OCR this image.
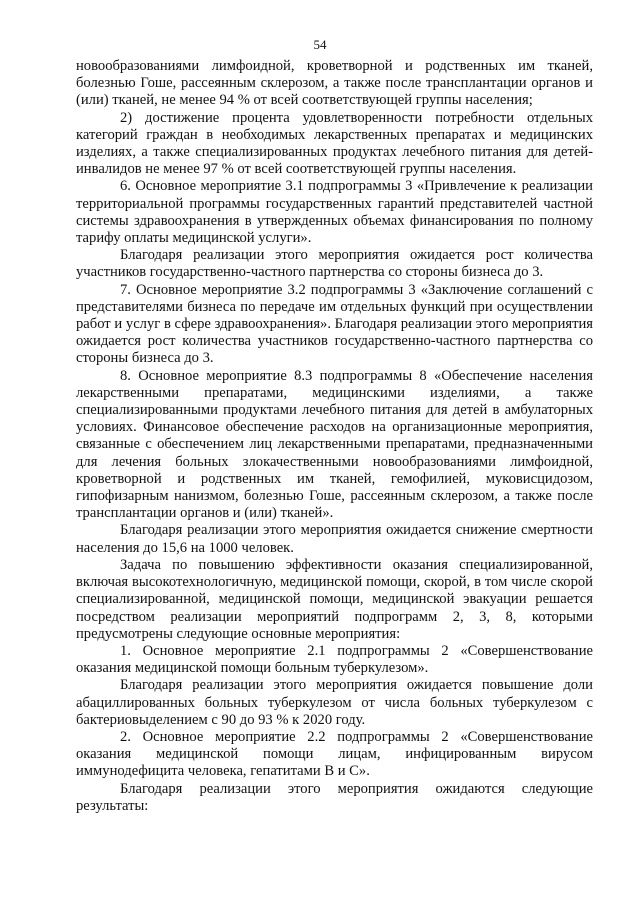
54

новообразованиями лимфоидной, кроветворной и родственных им тканей, болезнью Гоше, рассеянным склерозом, а также после трансплантации органов и (или) тканей, не менее 94 % от всей соответствующей группы населения;

2) достижение процента удовлетворенности потребности отдельных категорий граждан в необходимых лекарственных препаратах и медицинских изделиях, а также специализированных продуктах лечебного питания для детей-инвалидов не менее 97 % от всей соответствующей группы населения.

6. Основное мероприятие 3.1 подпрограммы 3 «Привлечение к реализации территориальной программы государственных гарантий представителей частной системы здравоохранения в утвержденных объемах финансирования по полному тарифу оплаты медицинской услуги».

Благодаря реализации этого мероприятия ожидается рост количества участников государственно-частного партнерства со стороны бизнеса до 3.

7. Основное мероприятие 3.2 подпрограммы 3 «Заключение соглашений с представителями бизнеса по передаче им отдельных функций при осуществлении работ и услуг в сфере здравоохранения». Благодаря реализации этого мероприятия ожидается рост количества участников государственно-частного партнерства со стороны бизнеса до 3.

8. Основное мероприятие 8.3 подпрограммы 8 «Обеспечение населения лекарственными препаратами, медицинскими изделиями, а также специализированными продуктами лечебного питания для детей в амбулаторных условиях. Финансовое обеспечение расходов на организационные мероприятия, связанные с обеспечением лиц лекарственными препаратами, предназначенными для лечения больных злокачественными новообразованиями лимфоидной, кроветворной и родственных им тканей, гемофилией, муковисцидозом, гипофизарным нанизмом, болезнью Гоше, рассеянным склерозом, а также после трансплантации органов и (или) тканей».

Благодаря реализации этого мероприятия ожидается снижение смертности населения до 15,6 на 1000 человек.

Задача по повышению эффективности оказания специализированной, включая высокотехнологичную, медицинской помощи, скорой, в том числе скорой специализированной, медицинской помощи, медицинской эвакуации решается посредством реализации мероприятий подпрограмм 2, 3, 8, которыми предусмотрены следующие основные мероприятия:

1. Основное мероприятие 2.1 подпрограммы 2 «Совершенствование оказания медицинской помощи больным туберкулезом».

Благодаря реализации этого мероприятия ожидается повышение доли абациллированных больных туберкулезом от числа больных туберкулезом с бактериовыделением с 90 до 93 % к 2020 году.

2. Основное мероприятие 2.2 подпрограммы 2 «Совершенствование оказания медицинской помощи лицам, инфицированным вирусом иммунодефицита человека, гепатитами В и С».

Благодаря реализации этого мероприятия ожидаются следующие результаты:
